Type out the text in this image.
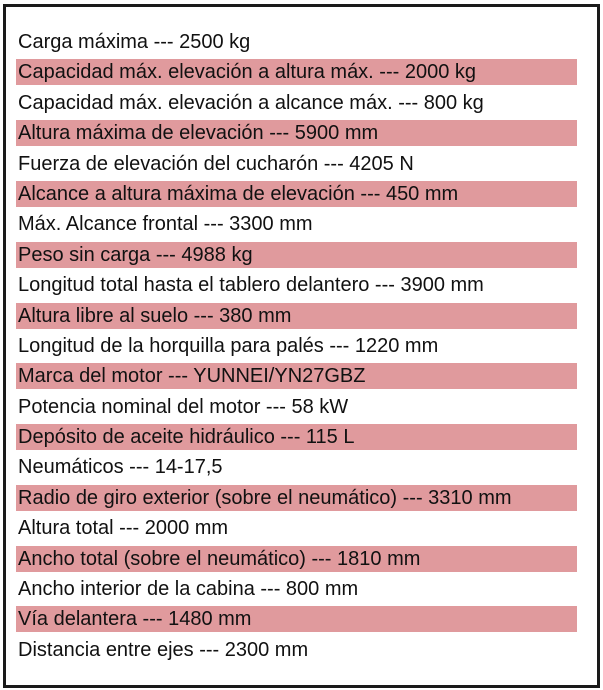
Carga máxima --- 2500 kg
Capacidad máx. elevación a altura máx. --- 2000 kg
Capacidad máx. elevación a alcance máx. --- 800 kg
Altura máxima de elevación --- 5900 mm
Fuerza de elevación del cucharón --- 4205 N
Alcance a altura máxima de elevación --- 450 mm
Máx. Alcance frontal --- 3300 mm
Peso sin carga --- 4988 kg
Longitud total hasta el tablero delantero --- 3900 mm
Altura libre al suelo --- 380 mm
Longitud de la horquilla para palés --- 1220 mm
Marca del motor --- YUNNEI/YN27GBZ
Potencia nominal del motor --- 58 kW
Depósito de aceite hidráulico --- 115 L
Neumáticos --- 14-17,5
Radio de giro exterior (sobre el neumático) --- 3310 mm
Altura total --- 2000 mm
Ancho total (sobre el neumático) --- 1810 mm
Ancho interior de la cabina --- 800 mm
Vía delantera --- 1480 mm
Distancia entre ejes --- 2300 mm
